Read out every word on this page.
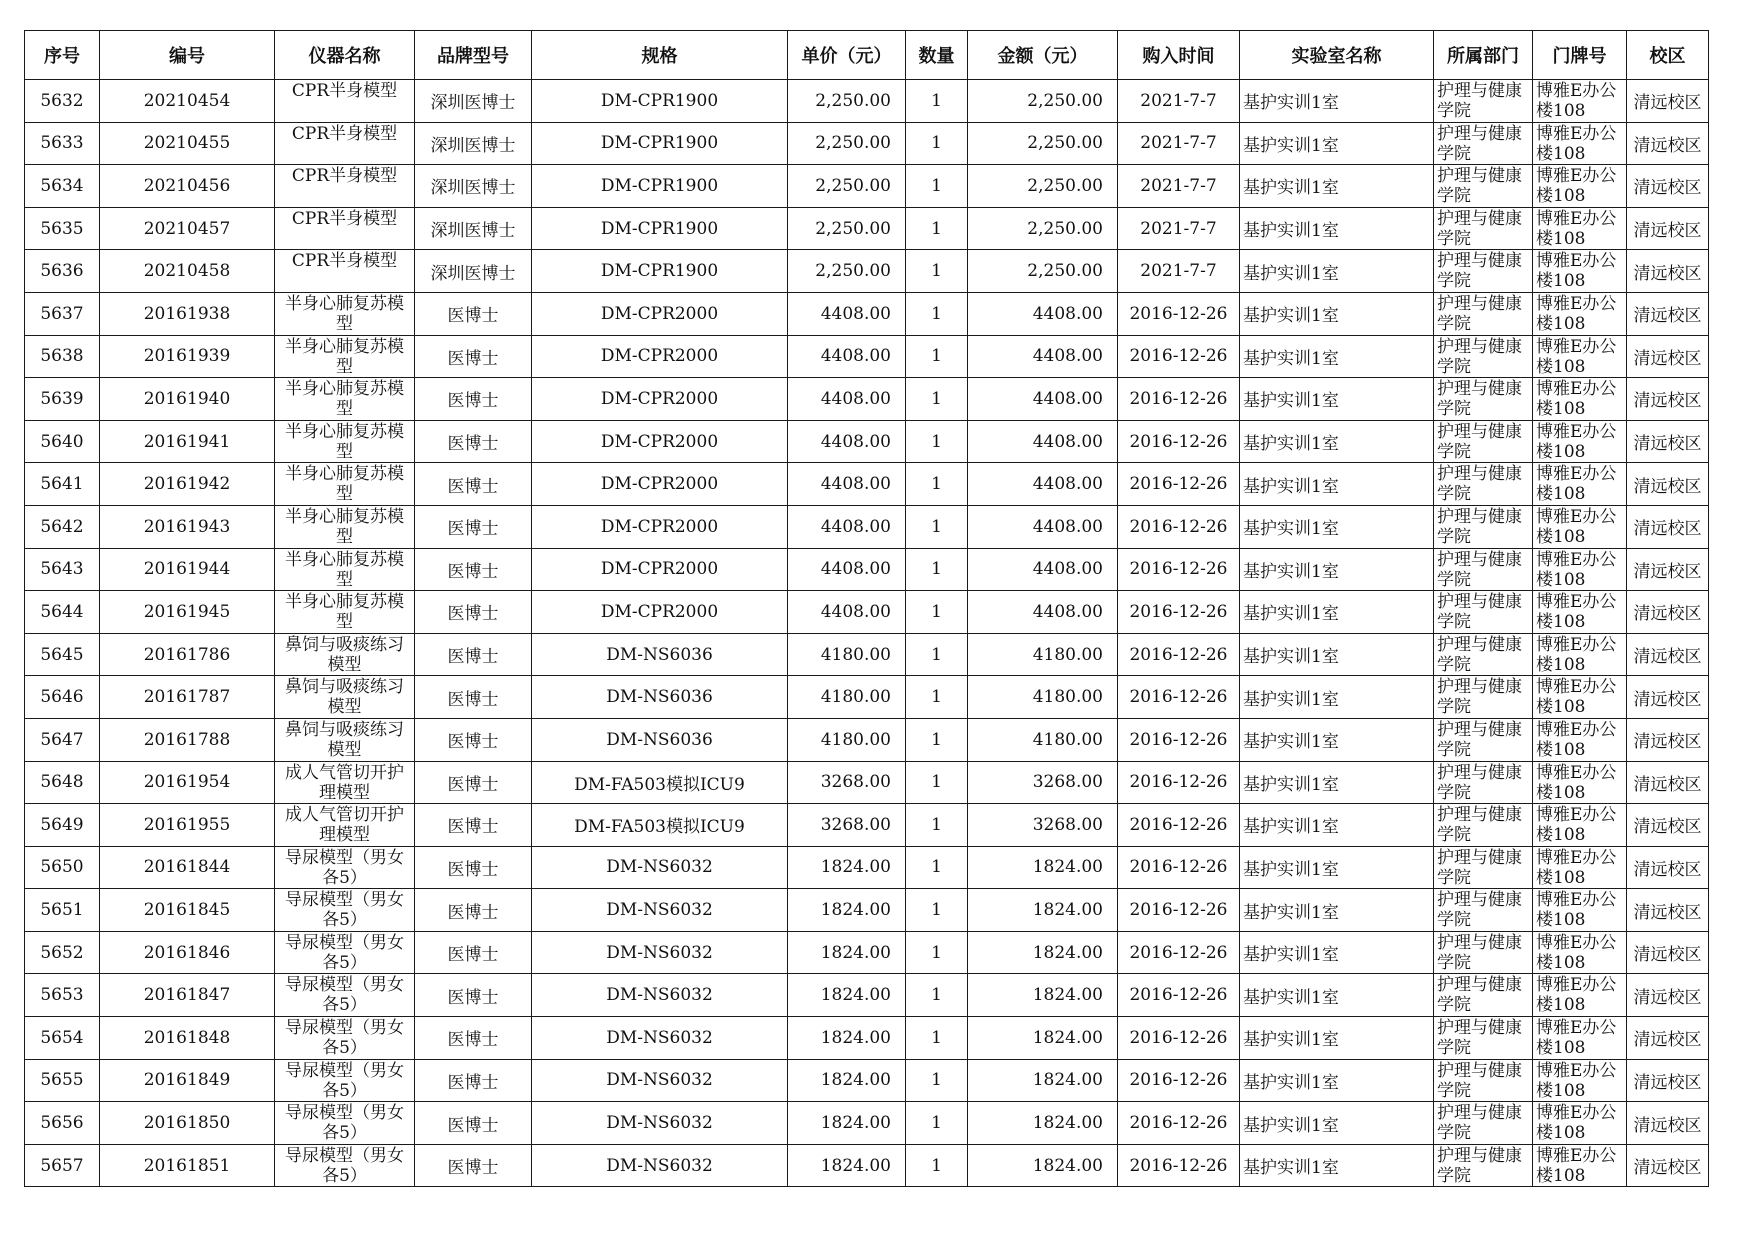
序号	编号	仪器名称	品牌型号	规格	单价（元）	数量	金额（元）	购入时间	实验室名称	所属部门	门牌号	校区
5632	20210454	CPR半身模型	深圳医博士	DM-CPR1900	2,250.00	1	2,250.00	2021-7-7	基护实训1室	护理与健康学院	博雅E办公楼108	清远校区
5633	20210455	CPR半身模型	深圳医博士	DM-CPR1900	2,250.00	1	2,250.00	2021-7-7	基护实训1室	护理与健康学院	博雅E办公楼108	清远校区
5634	20210456	CPR半身模型	深圳医博士	DM-CPR1900	2,250.00	1	2,250.00	2021-7-7	基护实训1室	护理与健康学院	博雅E办公楼108	清远校区
5635	20210457	CPR半身模型	深圳医博士	DM-CPR1900	2,250.00	1	2,250.00	2021-7-7	基护实训1室	护理与健康学院	博雅E办公楼108	清远校区
5636	20210458	CPR半身模型	深圳医博士	DM-CPR1900	2,250.00	1	2,250.00	2021-7-7	基护实训1室	护理与健康学院	博雅E办公楼108	清远校区
5637	20161938	半身心肺复苏模型	医博士	DM-CPR2000	4408.00	1	4408.00	2016-12-26	基护实训1室	护理与健康学院	博雅E办公楼108	清远校区
5638	20161939	半身心肺复苏模型	医博士	DM-CPR2000	4408.00	1	4408.00	2016-12-26	基护实训1室	护理与健康学院	博雅E办公楼108	清远校区
5639	20161940	半身心肺复苏模型	医博士	DM-CPR2000	4408.00	1	4408.00	2016-12-26	基护实训1室	护理与健康学院	博雅E办公楼108	清远校区
5640	20161941	半身心肺复苏模型	医博士	DM-CPR2000	4408.00	1	4408.00	2016-12-26	基护实训1室	护理与健康学院	博雅E办公楼108	清远校区
5641	20161942	半身心肺复苏模型	医博士	DM-CPR2000	4408.00	1	4408.00	2016-12-26	基护实训1室	护理与健康学院	博雅E办公楼108	清远校区
5642	20161943	半身心肺复苏模型	医博士	DM-CPR2000	4408.00	1	4408.00	2016-12-26	基护实训1室	护理与健康学院	博雅E办公楼108	清远校区
5643	20161944	半身心肺复苏模型	医博士	DM-CPR2000	4408.00	1	4408.00	2016-12-26	基护实训1室	护理与健康学院	博雅E办公楼108	清远校区
5644	20161945	半身心肺复苏模型	医博士	DM-CPR2000	4408.00	1	4408.00	2016-12-26	基护实训1室	护理与健康学院	博雅E办公楼108	清远校区
5645	20161786	鼻饲与吸痰练习模型	医博士	DM-NS6036	4180.00	1	4180.00	2016-12-26	基护实训1室	护理与健康学院	博雅E办公楼108	清远校区
5646	20161787	鼻饲与吸痰练习模型	医博士	DM-NS6036	4180.00	1	4180.00	2016-12-26	基护实训1室	护理与健康学院	博雅E办公楼108	清远校区
5647	20161788	鼻饲与吸痰练习模型	医博士	DM-NS6036	4180.00	1	4180.00	2016-12-26	基护实训1室	护理与健康学院	博雅E办公楼108	清远校区
5648	20161954	成人气管切开护理模型	医博士	DM-FA503模拟ICU9	3268.00	1	3268.00	2016-12-26	基护实训1室	护理与健康学院	博雅E办公楼108	清远校区
5649	20161955	成人气管切开护理模型	医博士	DM-FA503模拟ICU9	3268.00	1	3268.00	2016-12-26	基护实训1室	护理与健康学院	博雅E办公楼108	清远校区
5650	20161844	导尿模型（男女各5）	医博士	DM-NS6032	1824.00	1	1824.00	2016-12-26	基护实训1室	护理与健康学院	博雅E办公楼108	清远校区
5651	20161845	导尿模型（男女各5）	医博士	DM-NS6032	1824.00	1	1824.00	2016-12-26	基护实训1室	护理与健康学院	博雅E办公楼108	清远校区
5652	20161846	导尿模型（男女各5）	医博士	DM-NS6032	1824.00	1	1824.00	2016-12-26	基护实训1室	护理与健康学院	博雅E办公楼108	清远校区
5653	20161847	导尿模型（男女各5）	医博士	DM-NS6032	1824.00	1	1824.00	2016-12-26	基护实训1室	护理与健康学院	博雅E办公楼108	清远校区
5654	20161848	导尿模型（男女各5）	医博士	DM-NS6032	1824.00	1	1824.00	2016-12-26	基护实训1室	护理与健康学院	博雅E办公楼108	清远校区
5655	20161849	导尿模型（男女各5）	医博士	DM-NS6032	1824.00	1	1824.00	2016-12-26	基护实训1室	护理与健康学院	博雅E办公楼108	清远校区
5656	20161850	导尿模型（男女各5）	医博士	DM-NS6032	1824.00	1	1824.00	2016-12-26	基护实训1室	护理与健康学院	博雅E办公楼108	清远校区
5657	20161851	导尿模型（男女各5）	医博士	DM-NS6032	1824.00	1	1824.00	2016-12-26	基护实训1室	护理与健康学院	博雅E办公楼108	清远校区
